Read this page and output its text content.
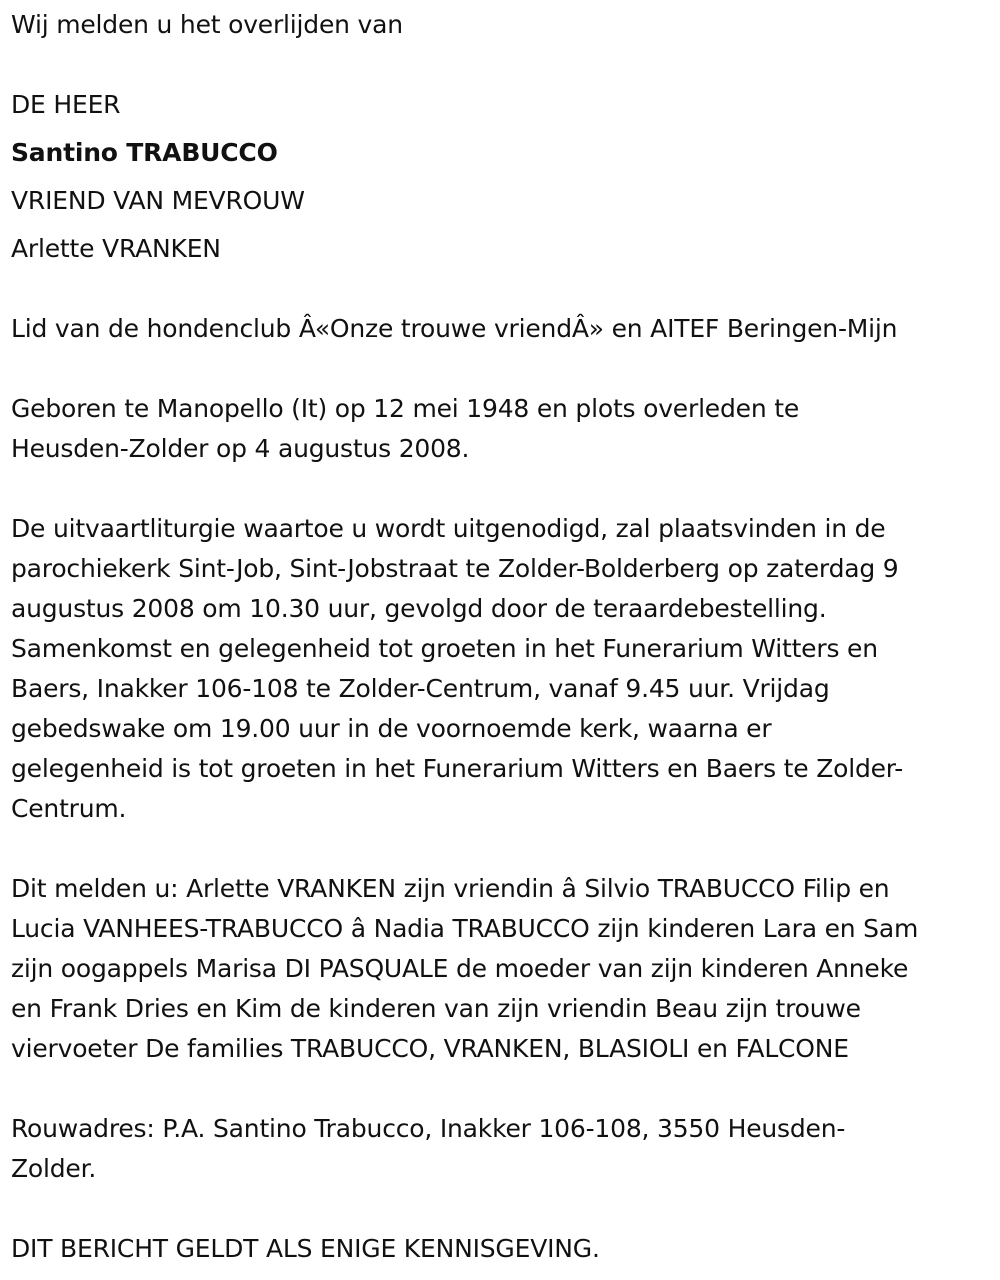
Wij melden u het overlijden van

DE HEER

Santino TRABUCCO

VRIEND VAN MEVROUW

Arlette VRANKEN

Lid van de hondenclub Â«Onze trouwe vriendÂ» en AITEF Beringen-Mijn

Geboren te Manopello (It) op 12 mei 1948 en plots overleden te
Heusden-Zolder op 4 augustus 2008.
De uitvaartliturgie waartoe u wordt uitgenodigd, zal plaatsvinden in de
parochiekerk Sint-Job, Sint-Jobstraat te Zolder-Bolderberg op zaterdag 9
augustus 2008 om 10.30 uur, gevolgd door de teraardebestelling.
Samenkomst en gelegenheid tot groeten in het Funerarium Witters en
Baers, Inakker 106-108 te Zolder-Centrum, vanaf 9.45 uur. Vrijdag
gebedswake om 19.00 uur in de voornoemde kerk, waarna er
gelegenheid is tot groeten in het Funerarium Witters en Baers te Zolder-
Centrum.
Dit melden u: Arlette VRANKEN zijn vriendin â Silvio TRABUCCO Filip en
Lucia VANHEES-TRABUCCO â Nadia TRABUCCO zijn kinderen Lara en Sam
zijn oogappels Marisa DI PASQUALE de moeder van zijn kinderen Anneke
en Frank Dries en Kim de kinderen van zijn vriendin Beau zijn trouwe
viervoeter De families TRABUCCO, VRANKEN, BLASIOLI en FALCONE
Rouwadres: P.A. Santino Trabucco, Inakker 106-108, 3550 Heusden-
Zolder.

DIT BERICHT GELDT ALS ENIGE KENNISGEVING.
